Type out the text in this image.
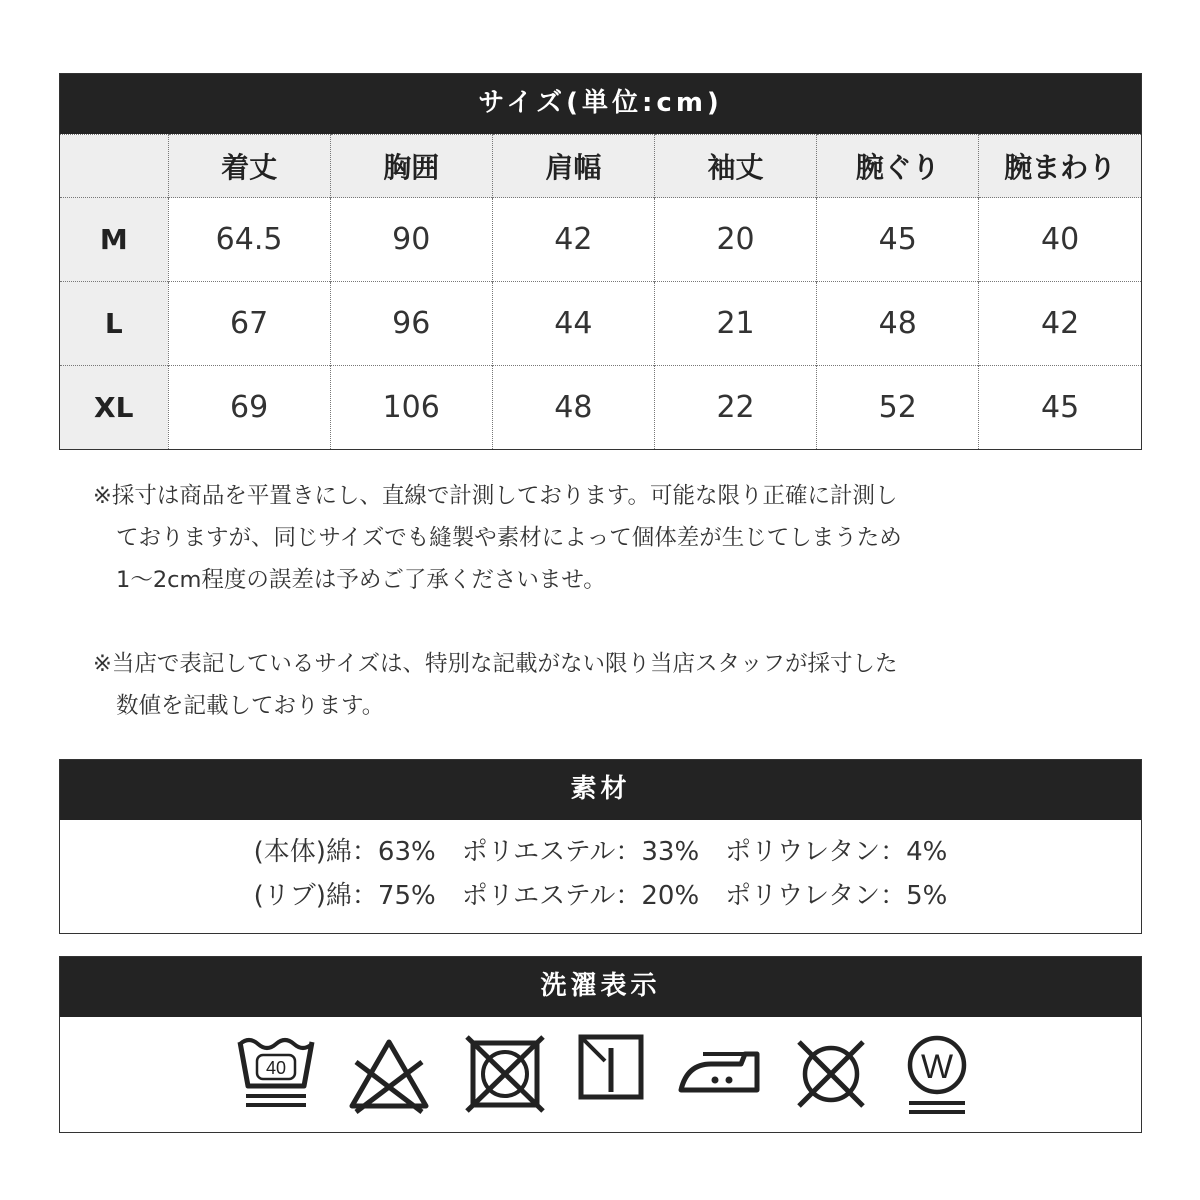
サイズ(単位:cm)
	着丈	胸囲	肩幅	袖丈	腕ぐり	腕まわり
M	64.5	90	42	20	45	40
L	67	96	44	21	48	42
XL	69	106	48	22	52	45

※採寸は商品を平置きにし、直線で計測しております。可能な限り正確に計測し

ておりますが、同じサイズでも縫製や素材によって個体差が生じてしまうため

1～2cm程度の誤差は予めご了承くださいませ。

※当店で表記しているサイズは、特別な記載がない限り当店スタッフが採寸した

数値を記載しております。

素材
(本体)綿：63%　ポリエステル：33%　ポリウレタン：4%
(リブ)綿：75%　ポリエステル：20%　ポリウレタン：5%
洗濯表示
40	W
